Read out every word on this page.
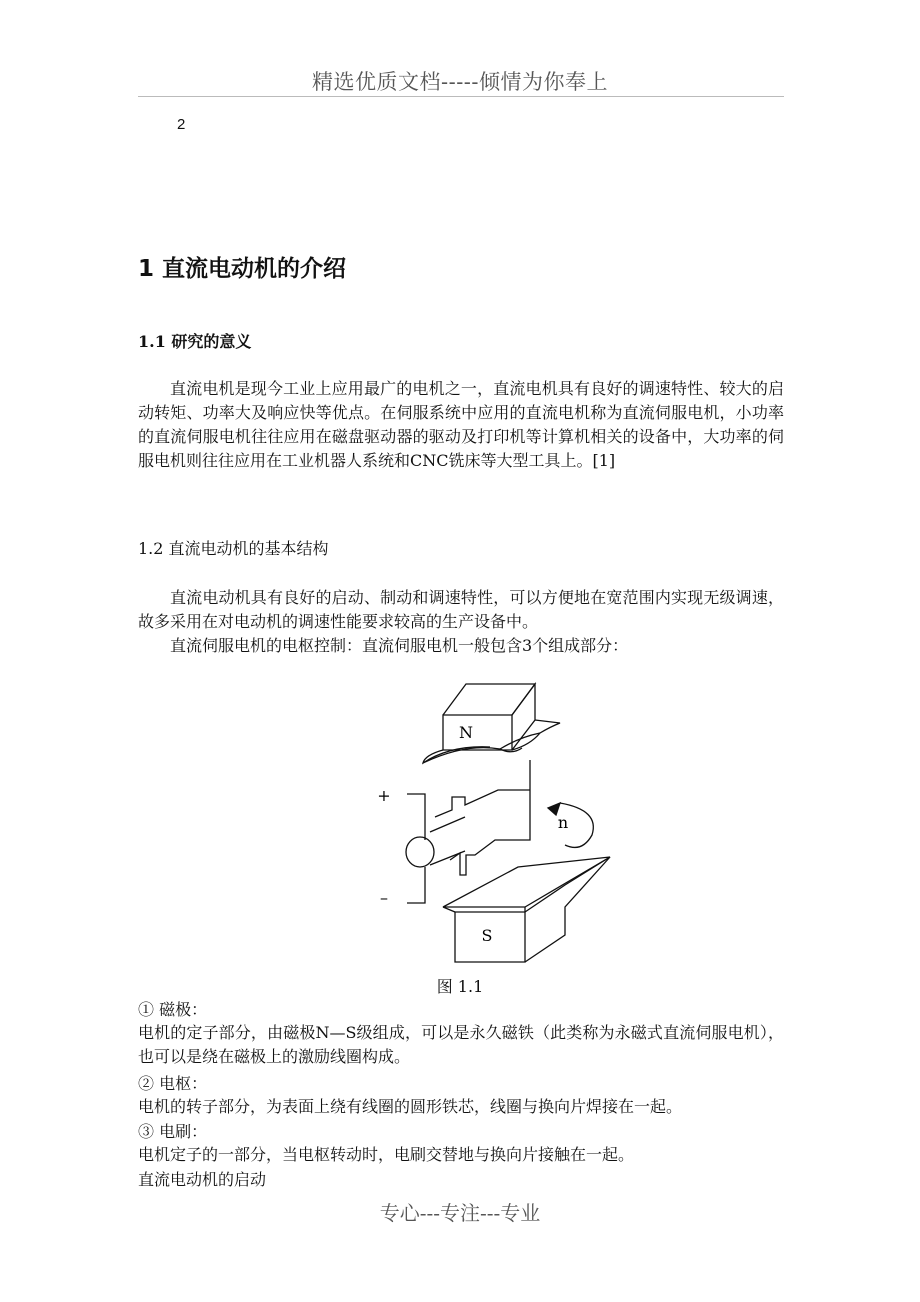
精选优质文档-----倾情为你奉上
2
1 直流电动机的介绍
1.1 研究的意义
直流电机是现今工业上应用最广的电机之一，直流电机具有良好的调速特性、较大的启动转矩、功率大及响应快等优点。在伺服系统中应用的直流电机称为直流伺服电机，小功率的直流伺服电机往往应用在磁盘驱动器的驱动及打印机等计算机相关的设备中，大功率的伺服电机则往往应用在工业机器人系统和CNC铣床等大型工具上。[1]
1.2 直流电动机的基本结构
直流电动机具有良好的启动、制动和调速特性，可以方便地在宽范围内实现无级调速，故多采用在对电动机的调速性能要求较高的生产设备中。
直流伺服电机的电枢控制：直流伺服电机一般包含3个组成部分：
N
S
n
+
–
图 1.1
① 磁极：
电机的定子部分，由磁极N—S级组成，可以是永久磁铁（此类称为永磁式直流伺服电机），也可以是绕在磁极上的激励线圈构成。
② 电枢：
电机的转子部分，为表面上绕有线圈的圆形铁芯，线圈与换向片焊接在一起。
③ 电刷：
电机定子的一部分，当电枢转动时，电刷交替地与换向片接触在一起。
直流电动机的启动
专心---专注---专业
